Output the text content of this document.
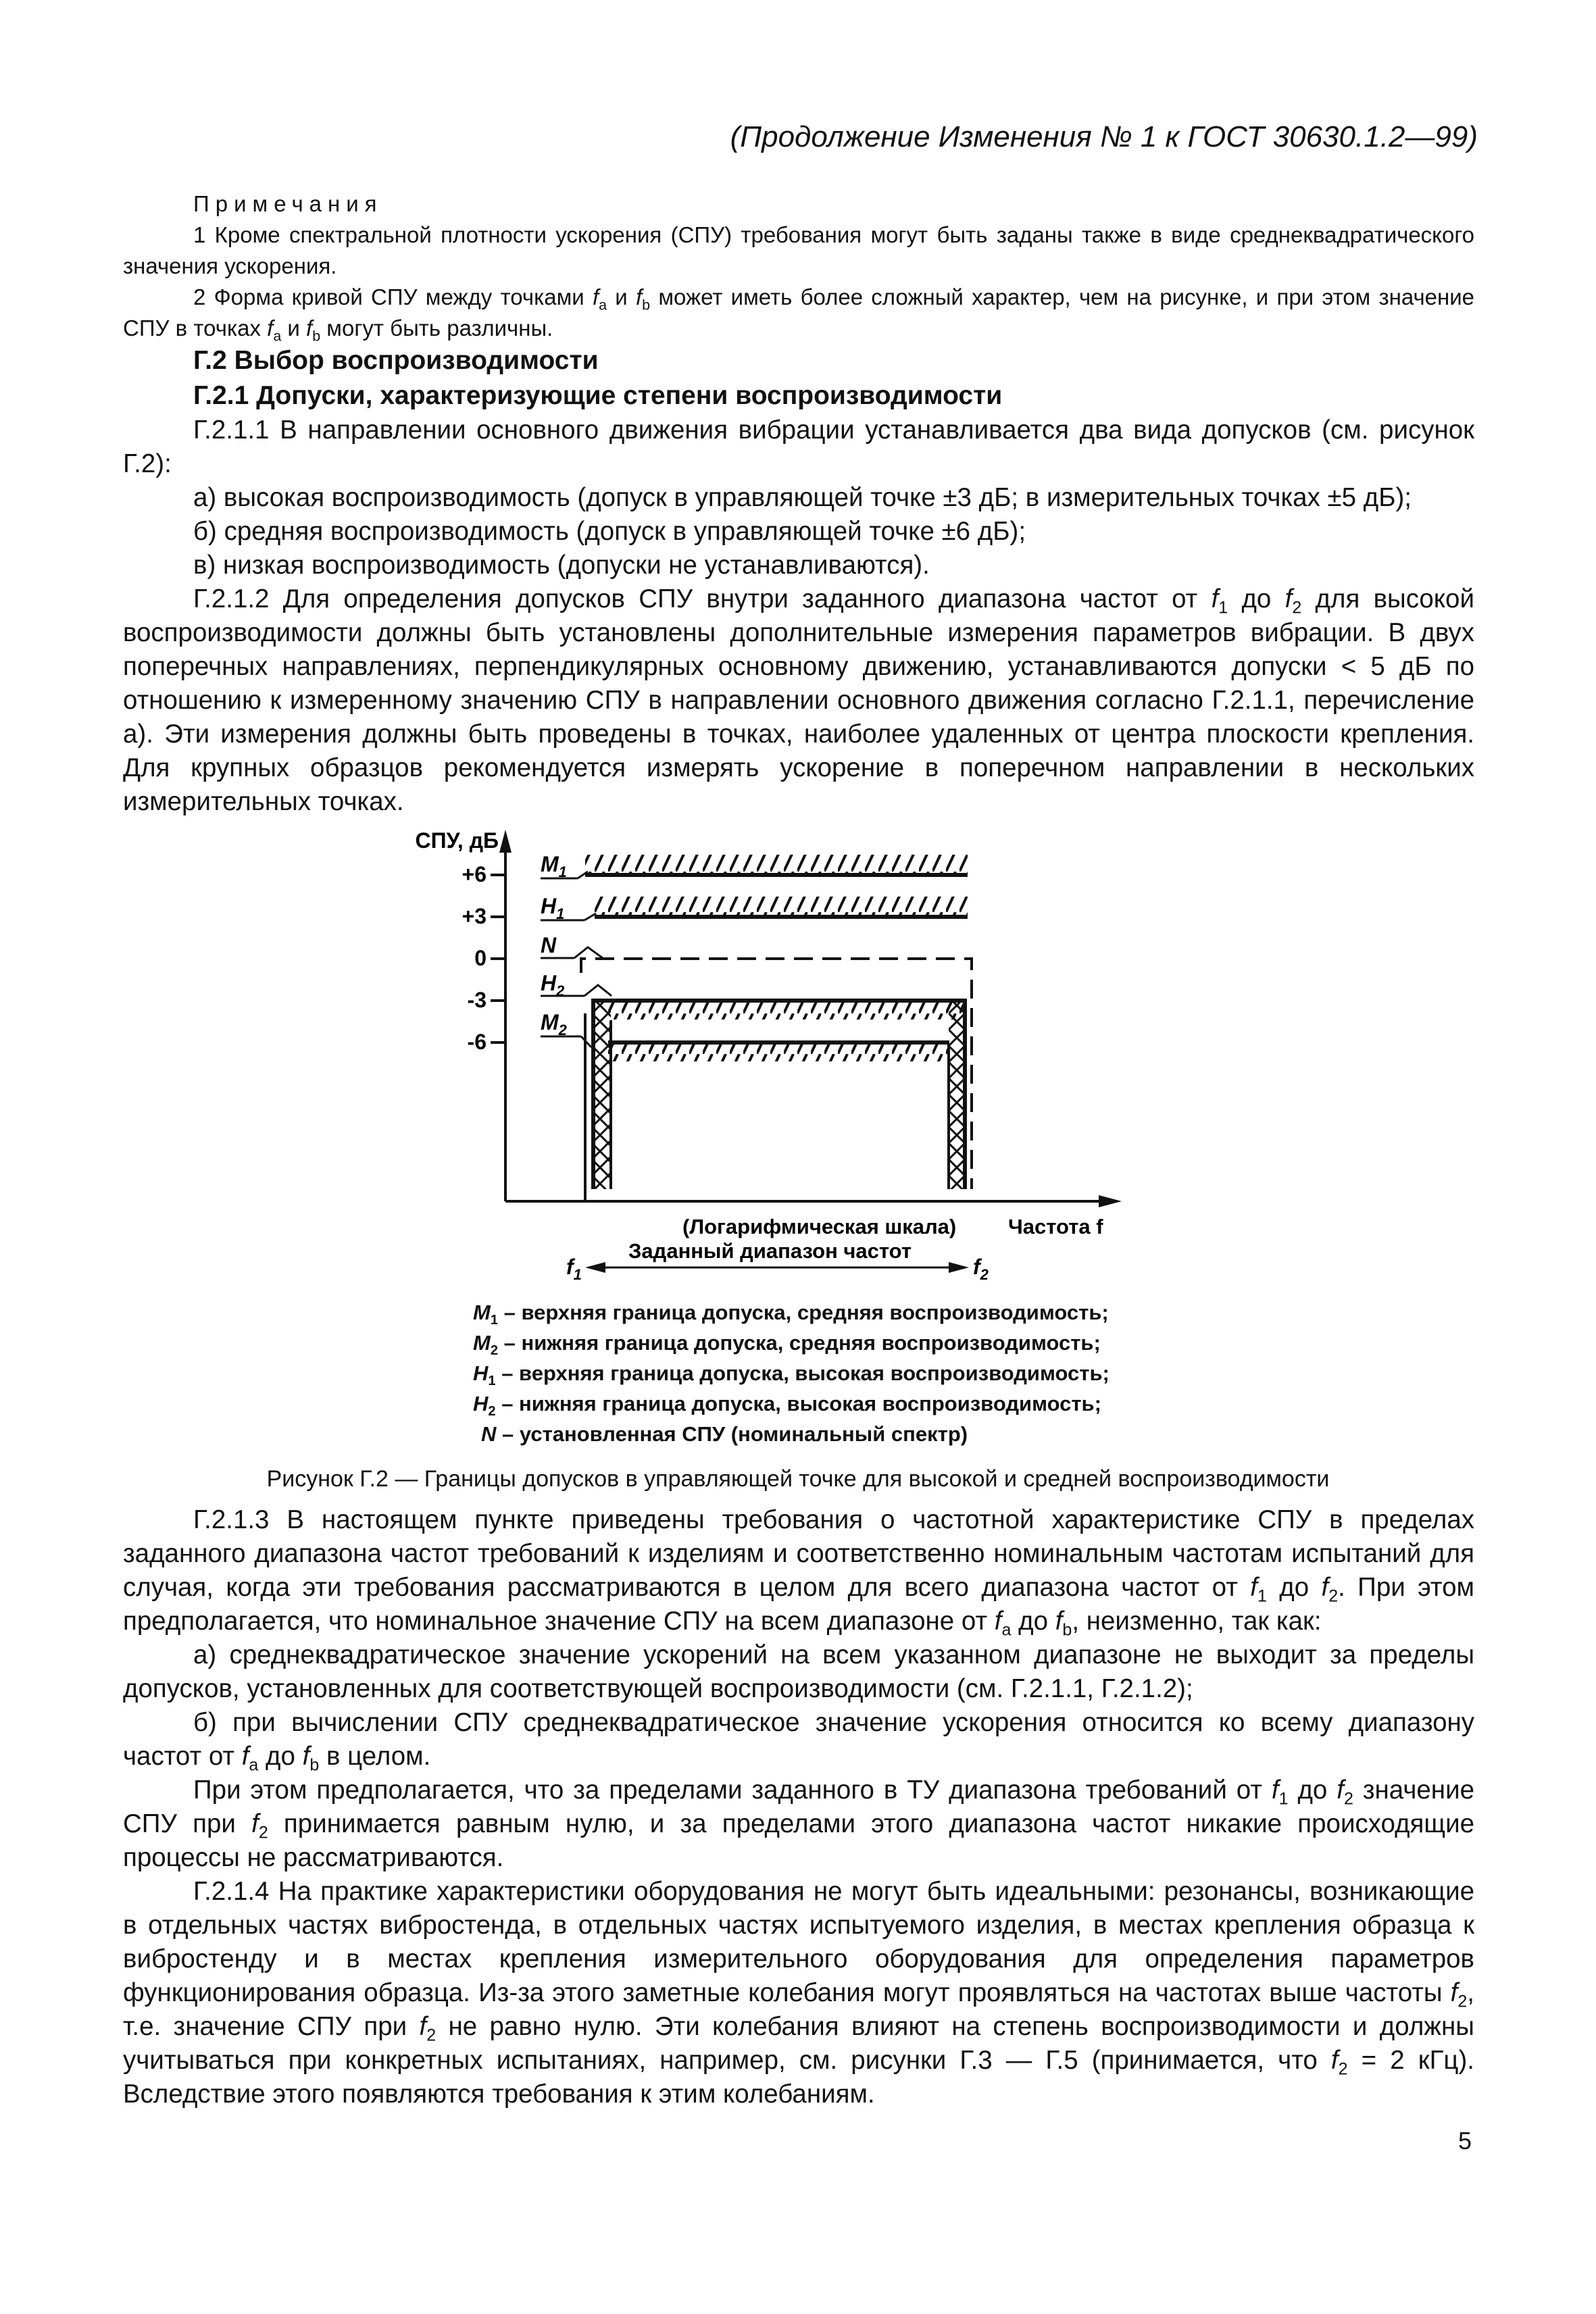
(Продолжение Изменения № 1 к ГОСТ 30630.1.2—99)
Примечания

1 Кроме спектральной плотности ускорения (СПУ) требования могут быть заданы также в виде среднеквадратического значения ускорения.

2 Форма кривой СПУ между точками $f_a$ и $f_b$ может иметь более сложный характер, чем на рисунке, и при этом значение СПУ в точках $f_a$ и $f_b$ могут быть различны.

Г.2 Выбор воспроизводимости
Г.2.1 Допуски, характеризующие степени воспроизводимости

Г.2.1.1 В направлении основного движения вибрации устанавливается два вида допусков (см. рисунок Г.2):

а) высокая воспроизводимость (допуск в управляющей точке ±3 дБ; в измерительных точках ±5 дБ);

б) средняя воспроизводимость (допуск в управляющей точке ±6 дБ);

в) низкая воспроизводимость (допуски не устанавливаются).

Г.2.1.2 Для определения допусков СПУ внутри заданного диапазона частот от $f_1$ до $f_2$ для высокой воспроизводимости должны быть установлены дополнительные измерения параметров вибрации. В двух поперечных направлениях, перпендикулярных основному движению, устанавливаются допуски < 5 дБ по отношению к измеренному значению СПУ в направлении основного движения согласно Г.2.1.1, перечисление а). Эти измерения должны быть проведены в точках, наиболее удаленных от центра плоскости крепления. Для крупных образцов рекомендуется измерять ускорение в поперечном направлении в нескольких измерительных точках.

СПУ, дБ
+6
+3
0
-3
-6
$M_1$
$H_1$
N
$H_2$
$M_2$
(Логарифмическая шкала) Частота f
Заданный диапазон частот
$f_1$	$f_2$
$M_1$ – верхняя граница допуска, средняя воспроизводимость;
$M_2$ – нижняя граница допуска, средняя воспроизводимость;
$H_1$ – верхняя граница допуска, высокая воспроизводимость;
$H_2$ – нижняя граница допуска, высокая воспроизводимость;
N – установленная СПУ (номинальный спектр)
Рисунок Г.2 — Границы допусков в управляющей точке для высокой и средней воспроизводимости

Г.2.1.3 В настоящем пункте приведены требования о частотной характеристике СПУ в пределах заданного диапазона частот требований к изделиям и соответственно номинальным частотам испытаний для случая, когда эти требования рассматриваются в целом для всего диапазона частот от $f_1$ до $f_2$. При этом предполагается, что номинальное значение СПУ на всем диапазоне от $f_a$ до $f_b$, неизменно, так как:

а) среднеквадратическое значение ускорений на всем указанном диапазоне не выходит за пределы допусков, установленных для соответствующей воспроизводимости (см. Г.2.1.1, Г.2.1.2);

б) при вычислении СПУ среднеквадратическое значение ускорения относится ко всему диапазону частот от $f_a$ до $f_b$ в целом.

При этом предполагается, что за пределами заданного в ТУ диапазона требований от $f_1$ до $f_2$ значение СПУ при $f_2$ принимается равным нулю, и за пределами этого диапазона частот никакие происходящие процессы не рассматриваются.

Г.2.1.4 На практике характеристики оборудования не могут быть идеальными: резонансы, возникающие в отдельных частях вибростенда, в отдельных частях испытуемого изделия, в местах крепления образца к вибростенду и в местах крепления измерительного оборудования для определения параметров функционирования образца. Из-за этого заметные колебания могут проявляться на частотах выше частоты $f_2$, т.е. значение СПУ при $f_2$ не равно нулю. Эти колебания влияют на степень воспроизводимости и должны учитываться при конкретных испытаниях, например, см. рисунки Г.3 — Г.5 (принимается, что $f_2 = 2$ кГц). Вследствие этого появляются требования к этим колебаниям.

5
